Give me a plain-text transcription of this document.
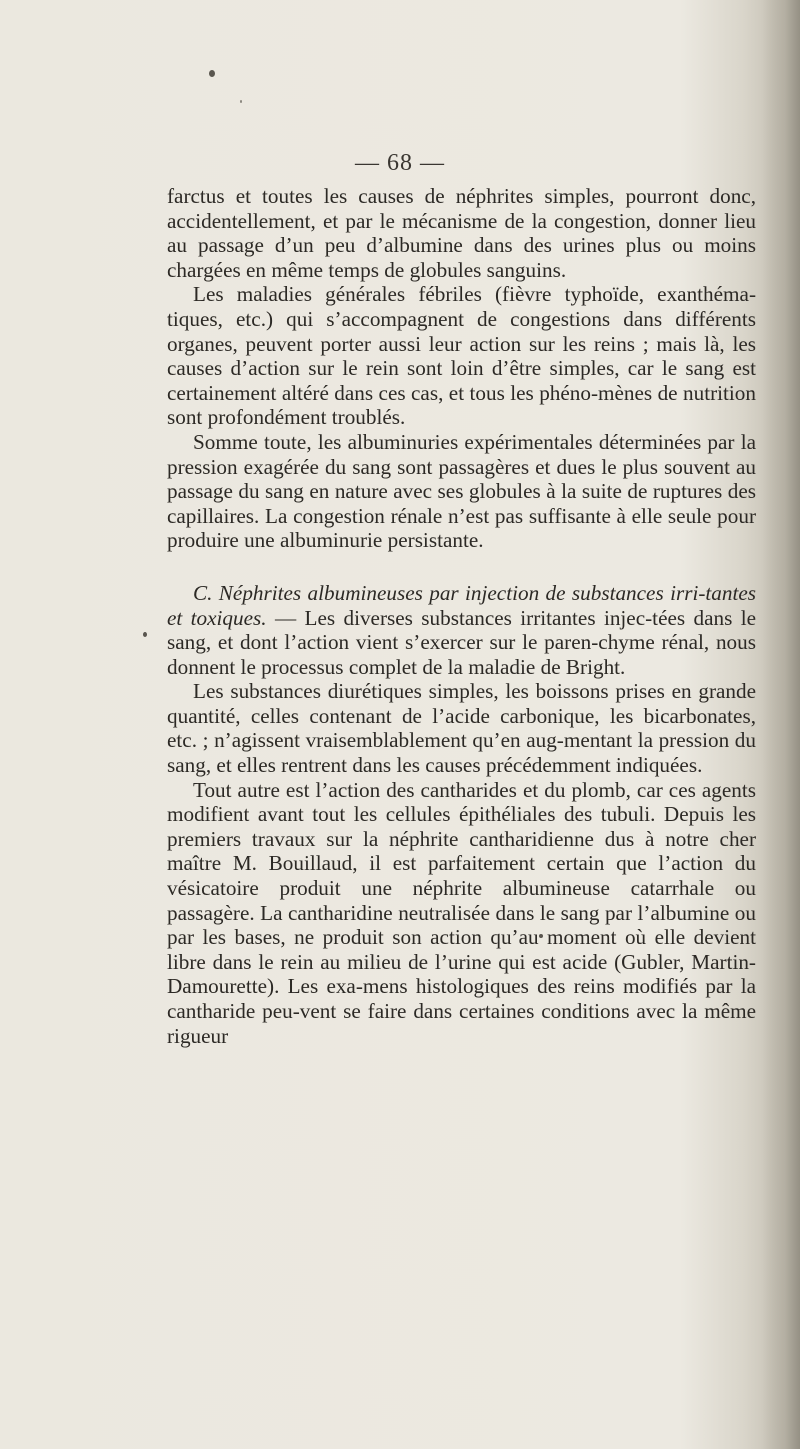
— 68 —

farctus et toutes les causes de néphrites simples, pourront donc, accidentellement, et par le mécanisme de la congestion, donner lieu au passage d’un peu d’albumine dans des urines plus ou moins chargées en même temps de globules sanguins.

Les maladies générales fébriles (fièvre typhoïde, exanthéma-tiques, etc.) qui s’accompagnent de congestions dans différents organes, peuvent porter aussi leur action sur les reins ; mais là, les causes d’action sur le rein sont loin d’être simples, car le sang est certainement altéré dans ces cas, et tous les phéno-mènes de nutrition sont profondément troublés.

Somme toute, les albuminuries expérimentales déterminées par la pression exagérée du sang sont passagères et dues le plus souvent au passage du sang en nature avec ses globules à la suite de ruptures des capillaires. La congestion rénale n’est pas suffisante à elle seule pour produire une albuminurie persistante.

C. Néphrites albumineuses par injection de substances irri-tantes et toxiques. — Les diverses substances irritantes injec-tées dans le sang, et dont l’action vient s’exercer sur le paren-chyme rénal, nous donnent le processus complet de la maladie de Bright.

Les substances diurétiques simples, les boissons prises en grande quantité, celles contenant de l’acide carbonique, les bicarbonates, etc. ; n’agissent vraisemblablement qu’en aug-mentant la pression du sang, et elles rentrent dans les causes précédemment indiquées.

Tout autre est l’action des cantharides et du plomb, car ces agents modifient avant tout les cellules épithéliales des tubuli. Depuis les premiers travaux sur la néphrite cantharidienne dus à notre cher maître M. Bouillaud, il est parfaitement certain que l’action du vésicatoire produit une néphrite albumineuse catarrhale ou passagère. La cantharidine neutralisée dans le sang par l’albumine ou par les bases, ne produit son action qu’au moment où elle devient libre dans le rein au milieu de l’urine qui est acide (Gubler, Martin-Damourette). Les exa-mens histologiques des reins modifiés par la cantharide peu-vent se faire dans certaines conditions avec la même rigueur
